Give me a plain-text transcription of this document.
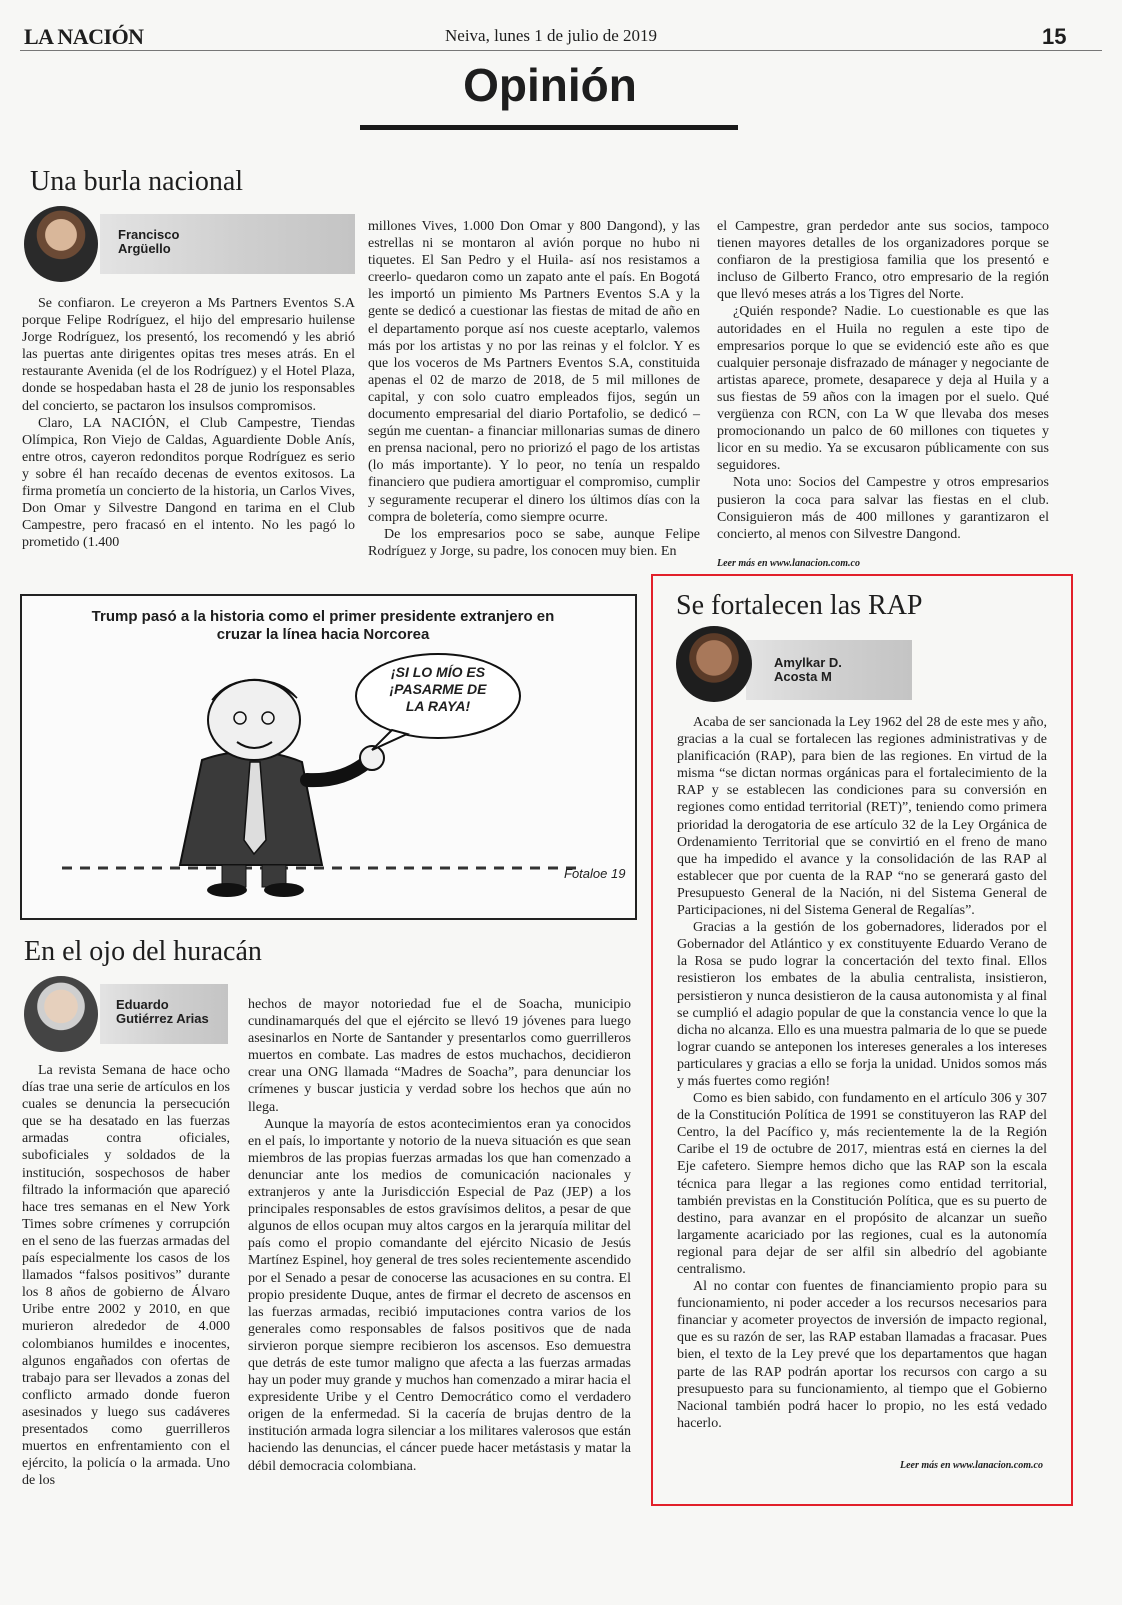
LA NACIÓN	Neiva, lunes 1 de julio de 2019	15
Opinión
Una burla nacional
Francisco
Argüello

Se confiaron. Le creyeron a Ms Partners Eventos S.A porque Felipe Rodríguez, el hijo del empresario huilense Jorge Rodríguez, los presentó, los recomendó y les abrió las puertas ante dirigentes opitas tres meses atrás. En el restaurante Avenida (el de los Rodríguez) y el Hotel Plaza, donde se hospedaban hasta el 28 de junio los responsables del concierto, se pactaron los insulsos compromisos.

Claro, LA NACIÓN, el Club Campestre, Tiendas Olímpica, Ron Viejo de Caldas, Aguardiente Doble Anís, entre otros, cayeron redonditos porque Rodríguez es serio y sobre él han recaído decenas de eventos exitosos. La firma prometía un concierto de la historia, un Carlos Vives, Don Omar y Silvestre Dangond en tarima en el Club Campestre, pero fracasó en el intento. No les pagó lo prometido (1.400

millones Vives, 1.000 Don Omar y 800 Dangond), y las estrellas ni se montaron al avión porque no hubo ni tiquetes. El San Pedro y el Huila- así nos resistamos a creerlo- quedaron como un zapato ante el país. En Bogotá les importó un pimiento Ms Partners Eventos S.A y la gente se dedicó a cuestionar las fiestas de mitad de año en el departamento porque así nos cueste aceptarlo, valemos más por los artistas y no por las reinas y el folclor. Y es que los voceros de Ms Partners Eventos S.A, constituida apenas el 02 de marzo de 2018, de 5 mil millones de capital, y con solo cuatro empleados fijos, según un documento empresarial del diario Portafolio, se dedicó – según me cuentan- a financiar millonarias sumas de dinero en prensa nacional, pero no priorizó el pago de los artistas (lo más importante). Y lo peor, no tenía un respaldo financiero que pudiera amortiguar el compromiso, cumplir y seguramente recuperar el dinero los últimos días con la compra de boletería, como siempre ocurre.

De los empresarios poco se sabe, aunque Felipe Rodríguez y Jorge, su padre, los conocen muy bien. En

el Campestre, gran perdedor ante sus socios, tampoco tienen mayores detalles de los organizadores porque se confiaron de la prestigiosa familia que los presentó e incluso de Gilberto Franco, otro empresario de la región que llevó meses atrás a los Tigres del Norte.

¿Quién responde? Nadie. Lo cuestionable es que las autoridades en el Huila no regulen a este tipo de empresarios porque lo que se evidenció este año es que cualquier personaje disfrazado de mánager y negociante de artistas aparece, promete, desaparece y deja al Huila y a sus fiestas de 59 años con la imagen por el suelo. Qué vergüenza con RCN, con La W que llevaba dos meses promocionando un palco de 60 millones con tiquetes y licor en su medio. Ya se excusaron públicamente con sus seguidores.

Nota uno: Socios del Campestre y otros empresarios pusieron la coca para salvar las fiestas en el club. Consiguieron más de 400 millones y garantizaron el concierto, al menos con Silvestre Dangond.

Leer más en www.lanacion.com.co
Trump pasó a la historia como el primer presidente extranjero en cruzar la línea hacia Norcorea
¡SI LO MÍO ES
¡PASARME DE
LA RAYA!
Fotaloe 19
En el ojo del huracán
Eduardo
Gutiérrez Arias

La revista Semana de hace ocho días trae una serie de artículos en los cuales se denuncia la persecución que se ha desatado en las fuerzas armadas contra oficiales, suboficiales y soldados de la institución, sospechosos de haber filtrado la información que apareció hace tres semanas en el New York Times sobre crímenes y corrupción en el seno de las fuerzas armadas del país especialmente los casos de los llamados “falsos positivos” durante los 8 años de gobierno de Álvaro Uribe entre 2002 y 2010, en que murieron alrededor de 4.000 colombianos humildes e inocentes, algunos engañados con ofertas de trabajo para ser llevados a zonas del conflicto armado donde fueron asesinados y luego sus cadáveres presentados como guerrilleros muertos en enfrentamiento con el ejército, la policía o la armada. Uno de los

hechos de mayor notoriedad fue el de Soacha, municipio cundinamarqués del que el ejército se llevó 19 jóvenes para luego asesinarlos en Norte de Santander y presentarlos como guerrilleros muertos en combate. Las madres de estos muchachos, decidieron crear una ONG llamada “Madres de Soacha”, para denunciar los crímenes y buscar justicia y verdad sobre los hechos que aún no llega.

Aunque la mayoría de estos acontecimientos eran ya conocidos en el país, lo importante y notorio de la nueva situación es que sean miembros de las propias fuerzas armadas los que han comenzado a denunciar ante los medios de comunicación nacionales y extranjeros y ante la Jurisdicción Especial de Paz (JEP) a los principales responsables de estos gravísimos delitos, a pesar de que algunos de ellos ocupan muy altos cargos en la jerarquía militar del país como el propio comandante del ejército Nicasio de Jesús Martínez Espinel, hoy general de tres soles recientemente ascendido por el Senado a pesar de conocerse las acusaciones en su contra. El propio presidente Duque, antes de firmar el decreto de ascensos en las fuerzas armadas, recibió imputaciones contra varios de los generales como responsables de falsos positivos que de nada sirvieron porque siempre recibieron los ascensos. Eso demuestra que detrás de este tumor maligno que afecta a las fuerzas armadas hay un poder muy grande y muchos han comenzado a mirar hacia el expresidente Uribe y el Centro Democrático como el verdadero origen de la enfermedad. Si la cacería de brujas dentro de la institución armada logra silenciar a los militares valerosos que están haciendo las denuncias, el cáncer puede hacer metástasis y matar la débil democracia colombiana.

Se fortalecen las RAP
Amylkar D.
Acosta M

Acaba de ser sancionada la Ley 1962 del 28 de este mes y año, gracias a la cual se fortalecen las regiones administrativas y de planificación (RAP), para bien de las regiones. En virtud de la misma “se dictan normas orgánicas para el fortalecimiento de la RAP y se establecen las condiciones para su conversión en regiones como entidad territorial (RET)”, teniendo como primera prioridad la derogatoria de ese artículo 32 de la Ley Orgánica de Ordenamiento Territorial que se convirtió en el freno de mano que ha impedido el avance y la consolidación de las RAP al establecer que por cuenta de la RAP “no se generará gasto del Presupuesto General de la Nación, ni del Sistema General de Participaciones, ni del Sistema General de Regalías”.

Gracias a la gestión de los gobernadores, liderados por el Gobernador del Atlántico y ex constituyente Eduardo Verano de la Rosa se pudo lograr la concertación del texto final. Ellos resistieron los embates de la abulia centralista, insistieron, persistieron y nunca desistieron de la causa autonomista y al final se cumplió el adagio popular de que la constancia vence lo que la dicha no alcanza. Ello es una muestra palmaria de lo que se puede lograr cuando se anteponen los intereses generales a los intereses particulares y gracias a ello se forja la unidad. Unidos somos más y más fuertes como región!

Como es bien sabido, con fundamento en el artículo 306 y 307 de la Constitución Política de 1991 se constituyeron las RAP del Centro, la del Pacífico y, más recientemente la de la Región Caribe el 19 de octubre de 2017, mientras está en ciernes la del Eje cafetero. Siempre hemos dicho que las RAP son la escala técnica para llegar a las regiones como entidad territorial, también previstas en la Constitución Política, que es su puerto de destino, para avanzar en el propósito de alcanzar un sueño largamente acariciado por las regiones, cual es la autonomía regional para dejar de ser alfil sin albedrío del agobiante centralismo.

Al no contar con fuentes de financiamiento propio para su funcionamiento, ni poder acceder a los recursos necesarios para financiar y acometer proyectos de inversión de impacto regional, que es su razón de ser, las RAP estaban llamadas a fracasar. Pues bien, el texto de la Ley prevé que los departamentos que hagan parte de las RAP podrán aportar los recursos con cargo a su presupuesto para su funcionamiento, al tiempo que el Gobierno Nacional también podrá hacer lo propio, no les está vedado hacerlo.

Leer más en www.lanacion.com.co
